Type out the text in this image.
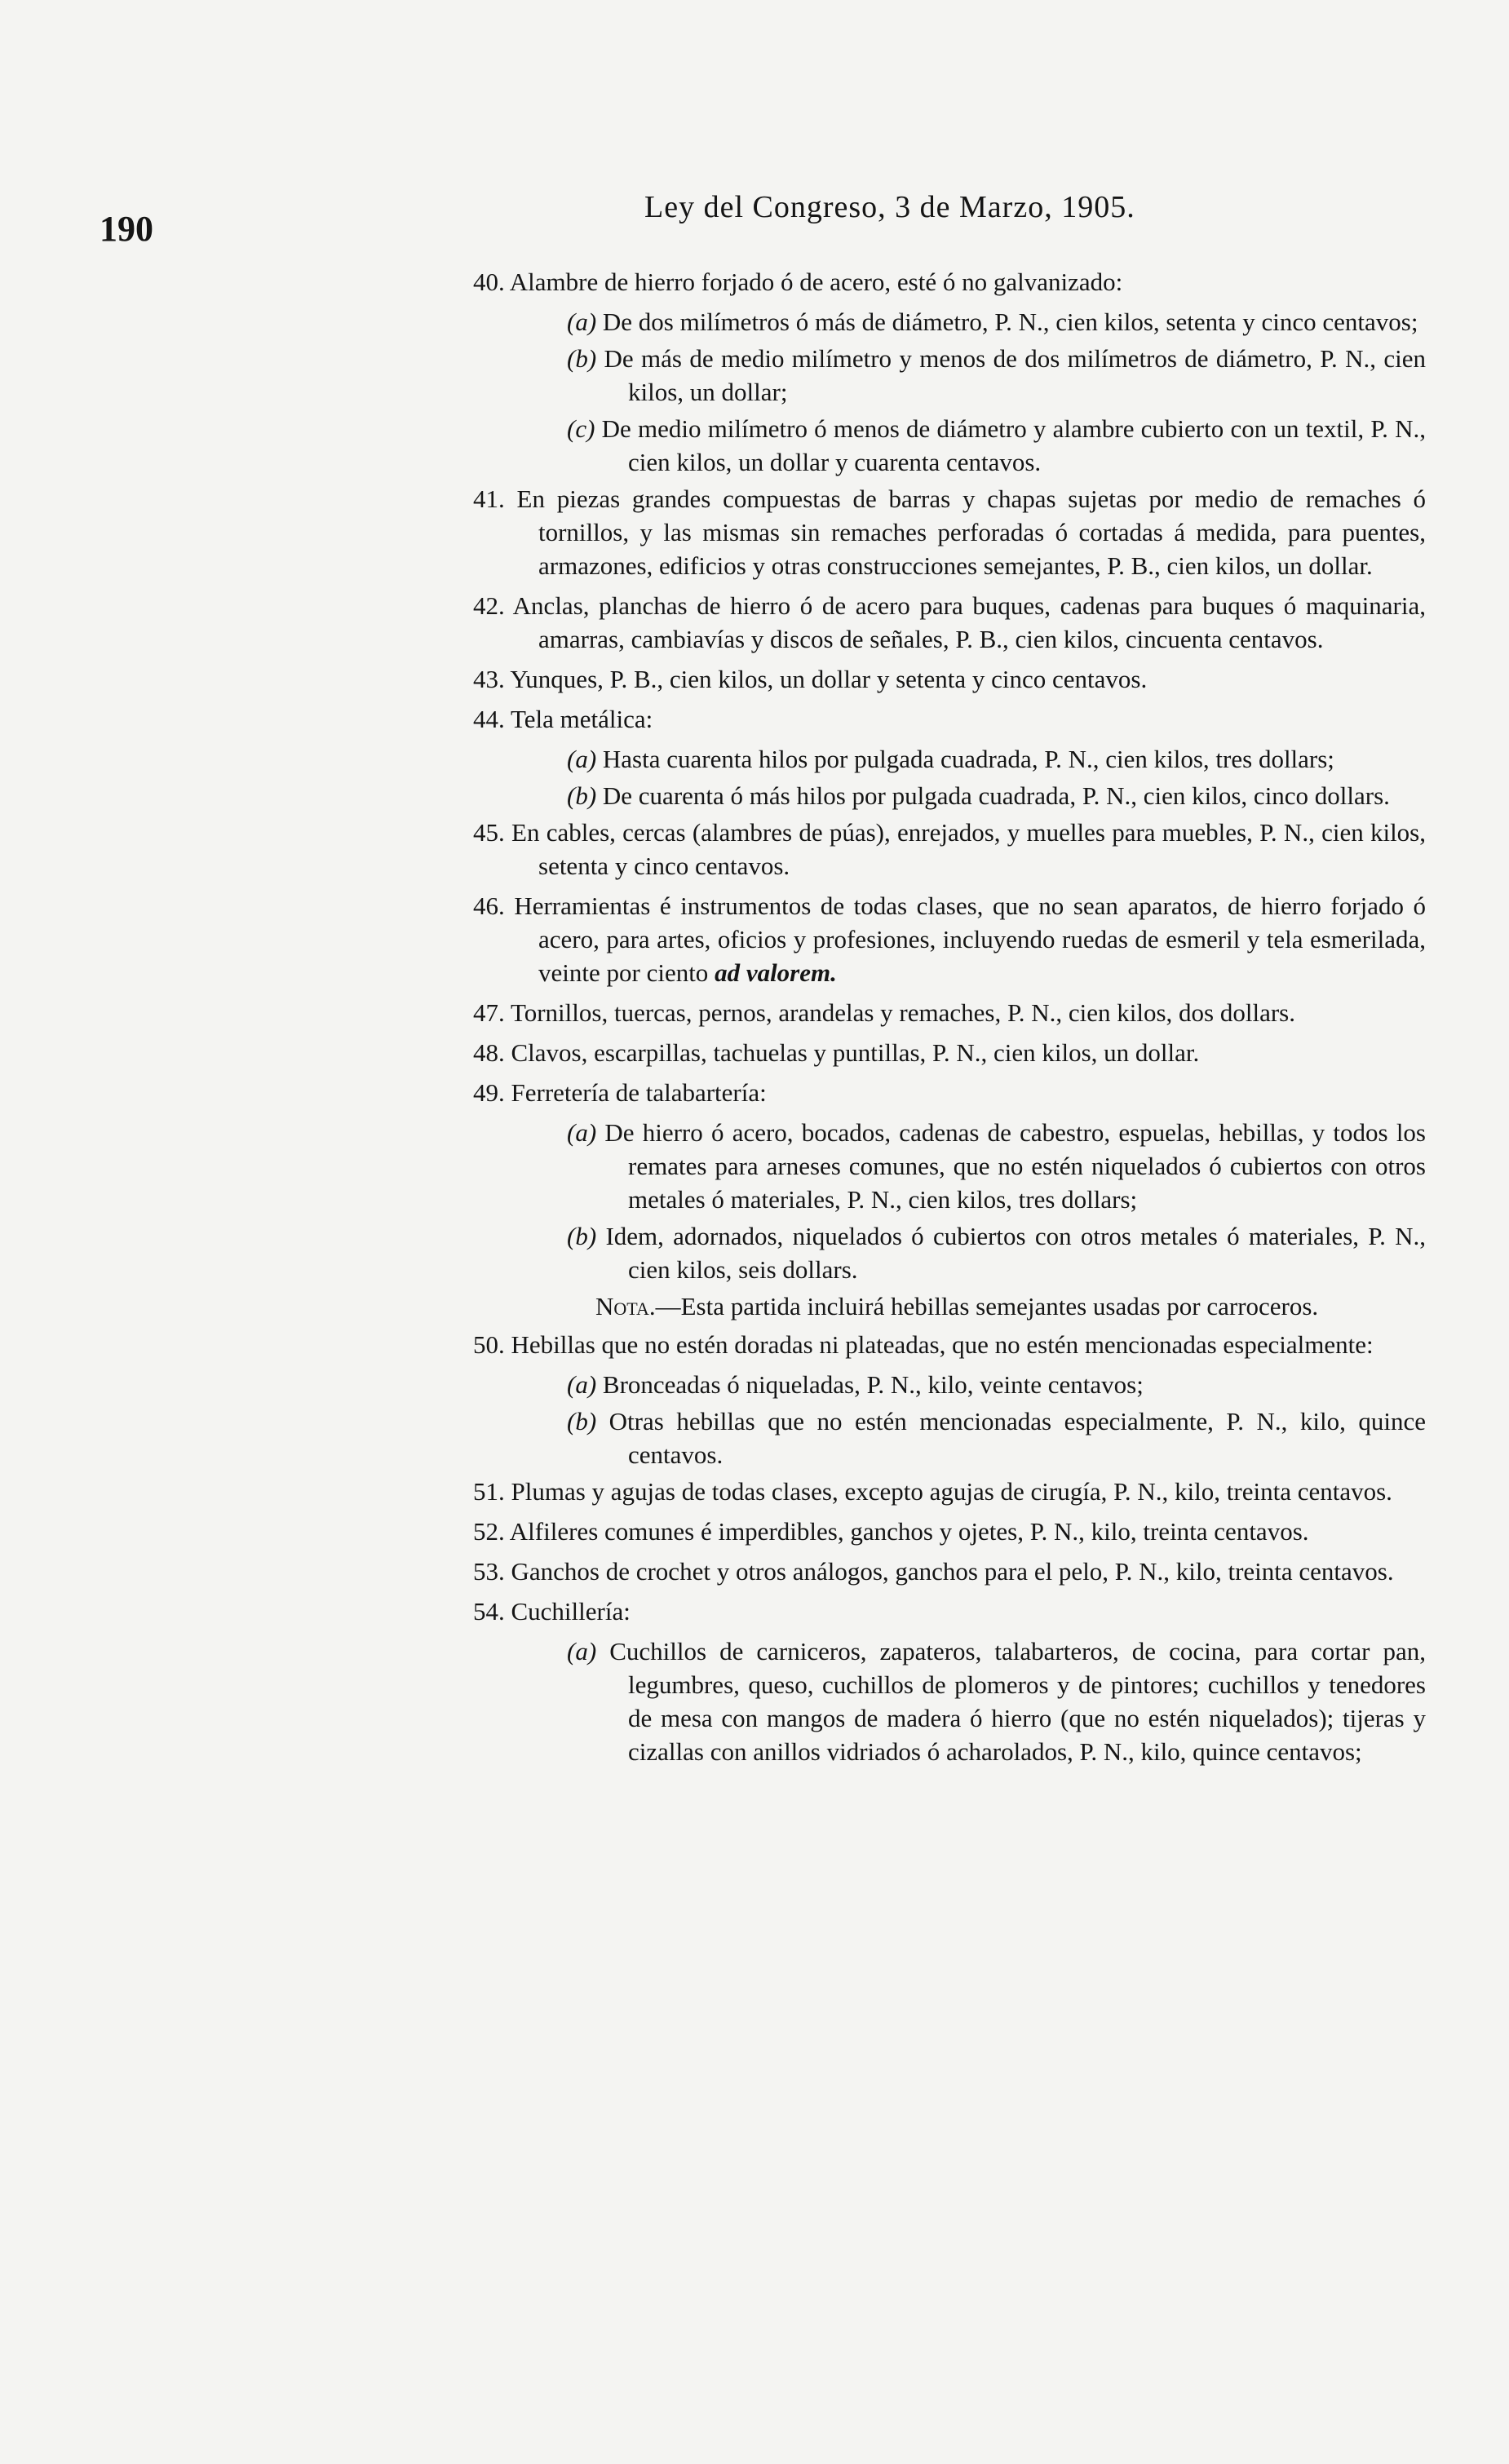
190
Ley del Congreso, 3 de Marzo, 1905.

40. Alambre de hierro forjado ó de acero, esté ó no galvanizado:

(a) De dos milímetros ó más de diámetro, P. N., cien kilos, setenta y cinco centavos;

(b) De más de medio milímetro y menos de dos milímetros de diámetro, P. N., cien kilos, un dollar;

(c) De medio milímetro ó menos de diámetro y alambre cubierto con un textil, P. N., cien kilos, un dollar y cuarenta centavos.

41. En piezas grandes compuestas de barras y chapas sujetas por medio de remaches ó tornillos, y las mismas sin remaches perforadas ó cortadas á medida, para puentes, armazones, edificios y otras construcciones semejantes, P. B., cien kilos, un dollar.

42. Anclas, planchas de hierro ó de acero para buques, cadenas para buques ó maquinaria, amarras, cambiavías y discos de señales, P. B., cien kilos, cincuenta centavos.

43. Yunques, P. B., cien kilos, un dollar y setenta y cinco centavos.

44. Tela metálica:

(a) Hasta cuarenta hilos por pulgada cuadrada, P. N., cien kilos, tres dollars;

(b) De cuarenta ó más hilos por pulgada cuadrada, P. N., cien kilos, cinco dollars.

45. En cables, cercas (alambres de púas), enrejados, y muelles para muebles, P. N., cien kilos, setenta y cinco centavos.

46. Herramientas é instrumentos de todas clases, que no sean aparatos, de hierro forjado ó acero, para artes, oficios y profesiones, incluyendo ruedas de esmeril y tela esmerilada, veinte por ciento ad valorem.

47. Tornillos, tuercas, pernos, arandelas y remaches, P. N., cien kilos, dos dollars.

48. Clavos, escarpillas, tachuelas y puntillas, P. N., cien kilos, un dollar.

49. Ferretería de talabartería:

(a) De hierro ó acero, bocados, cadenas de cabestro, espuelas, hebillas, y todos los remates para arneses comunes, que no estén niquelados ó cubiertos con otros metales ó materiales, P. N., cien kilos, tres dollars;

(b) Idem, adornados, niquelados ó cubiertos con otros metales ó materiales, P. N., cien kilos, seis dollars.

Nota.—Esta partida incluirá hebillas semejantes usadas por carroceros.

50. Hebillas que no estén doradas ni plateadas, que no estén mencionadas especialmente:

(a) Bronceadas ó niqueladas, P. N., kilo, veinte centavos;

(b) Otras hebillas que no estén mencionadas especialmente, P. N., kilo, quince centavos.

51. Plumas y agujas de todas clases, excepto agujas de cirugía, P. N., kilo, treinta centavos.

52. Alfileres comunes é imperdibles, ganchos y ojetes, P. N., kilo, treinta centavos.

53. Ganchos de crochet y otros análogos, ganchos para el pelo, P. N., kilo, treinta centavos.

54. Cuchillería:

(a) Cuchillos de carniceros, zapateros, talabarteros, de cocina, para cortar pan, legumbres, queso, cuchillos de plomeros y de pintores; cuchillos y tenedores de mesa con mangos de madera ó hierro (que no estén niquelados); tijeras y cizallas con anillos vidriados ó acharolados, P. N., kilo, quince centavos;
